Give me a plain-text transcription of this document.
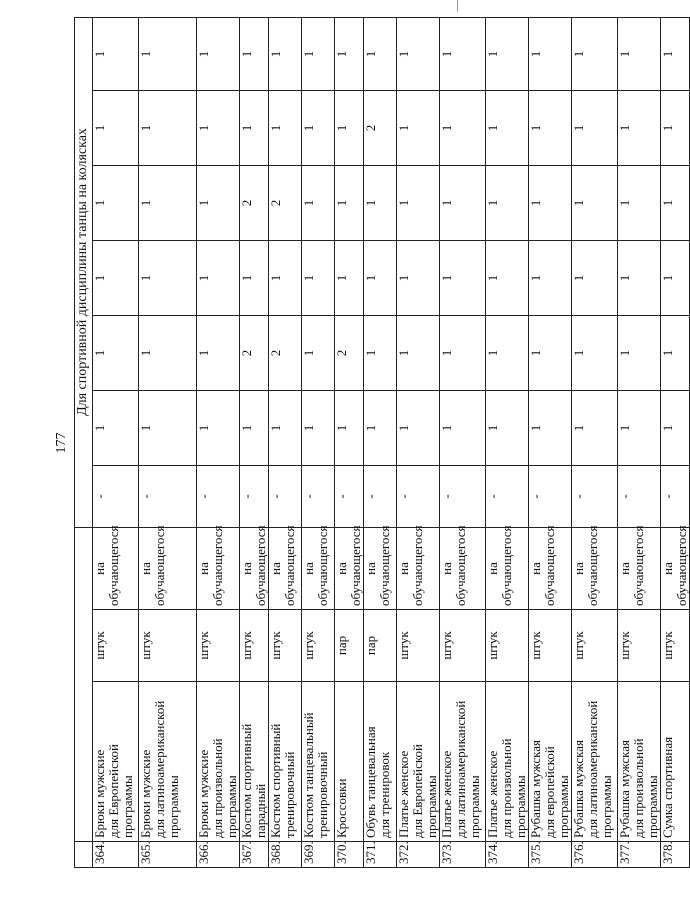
177
Для спортивной дисциплины танцы на колясках
364.	Брюки мужские
для Европейской программы	штук	на обучающегося	-	1	1	1	1	1	1
365.	Брюки мужские
для латиноамериканской
программы	штук	на обучающегося	-	1	1	1	1	1	1
366.	Брюки мужские
для произвольной программы	штук	на обучающегося	-	1	1	1	1	1	1
367.	Костюм спортивный парадный	штук	на обучающегося	-	1	2	1	2	1	1
368.	Костюм спортивный
тренировочный	штук	на обучающегося	-	1	2	1	2	1	1
369.	Костюм танцевальный
тренировочный	штук	на обучающегося	-	1	1	1	1	1	1
370.	Кроссовки	пар	на обучающегося	-	1	2	1	1	1	1
371.	Обувь танцевальная
для тренировок	пар	на обучающегося	-	1	1	1	1	2	1
372.	Платье женское
для Европейской программы	штук	на обучающегося	-	1	1	1	1	1	1
373.	Платье женское
для латиноамериканской
программы	штук	на обучающегося	-	1	1	1	1	1	1
374.	Платье женское
для произвольной программы	штук	на обучающегося	-	1	1	1	1	1	1
375.	Рубашка мужская
для европейской программы	штук	на обучающегося	-	1	1	1	1	1	1
376.	Рубашка мужская
для латиноамериканской
программы	штук	на обучающегося	-	1	1	1	1	1	1
377.	Рубашка мужская
для произвольной программы	штук	на обучающегося	-	1	1	1	1	1	1
378.	Сумка спортивная	штук	на обучающегося	-	1	1	1	1	1	1
